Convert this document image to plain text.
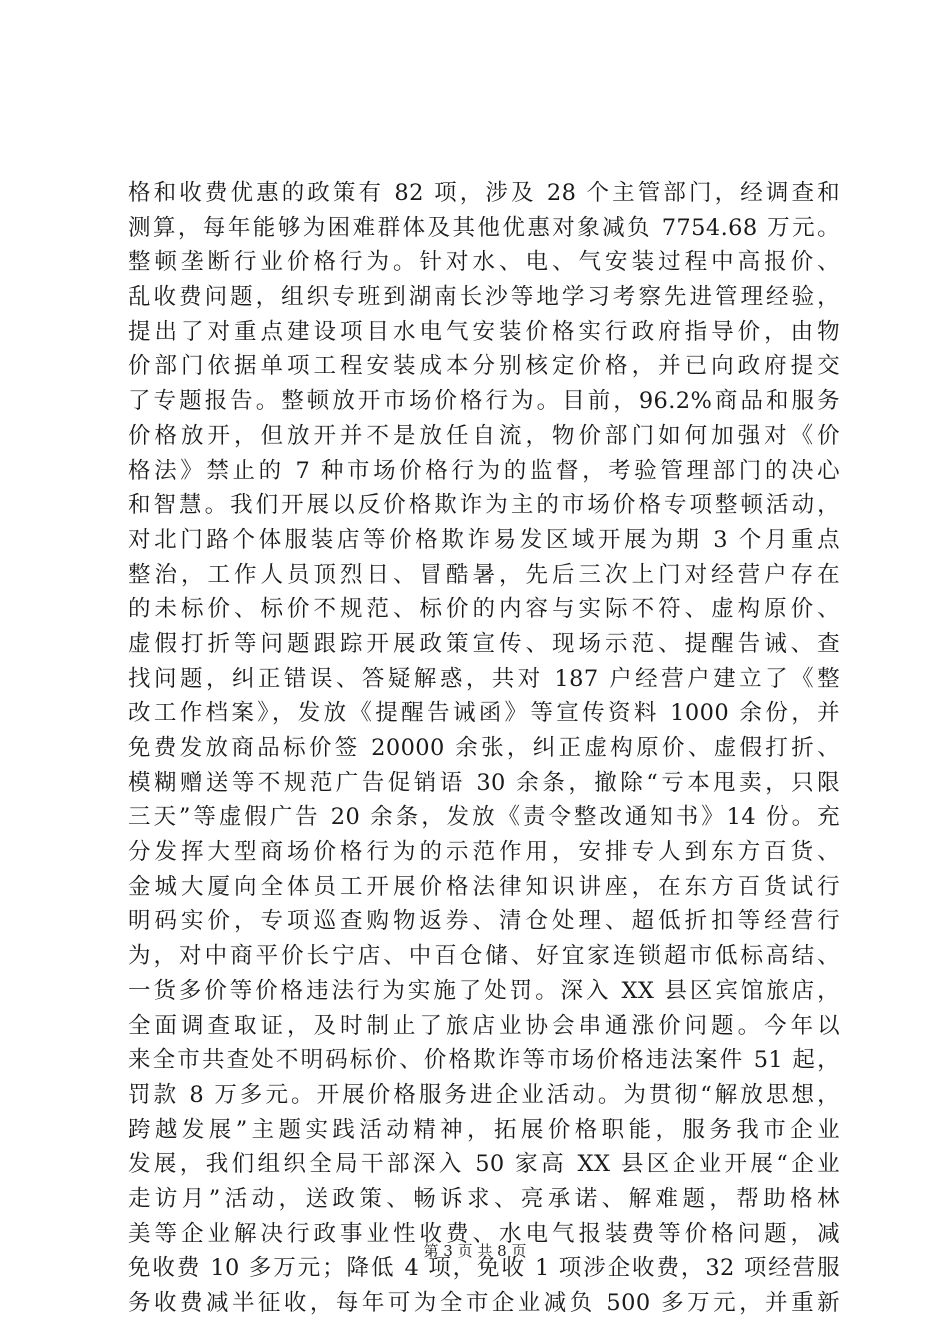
格和收费优惠的政策有 82 项，涉及 28 个主管部门，经调查和
测算，每年能够为困难群体及其他优惠对象减负 7754.68 万元。
整顿垄断行业价格行为。针对水、电、气安装过程中高报价、
乱收费问题，组织专班到湖南长沙等地学习考察先进管理经验，
提出了对重点建设项目水电气安装价格实行政府指导价，由物
价部门依据单项工程安装成本分别核定价格，并已向政府提交
了专题报告。整顿放开市场价格行为。目前，96.2%商品和服务
价格放开，但放开并不是放任自流，物价部门如何加强对《价
格法》禁止的 7 种市场价格行为的监督，考验管理部门的决心
和智慧。我们开展以反价格欺诈为主的市场价格专项整顿活动，
对北门路个体服装店等价格欺诈易发区域开展为期 3 个月重点
整治，工作人员顶烈日、冒酷暑，先后三次上门对经营户存在
的未标价、标价不规范、标价的内容与实际不符、虚构原价、
虚假打折等问题跟踪开展政策宣传、现场示范、提醒告诫、查
找问题，纠正错误、答疑解惑，共对 187 户经营户建立了《整
改工作档案》，发放《提醒告诫函》等宣传资料 1000 余份，并
免费发放商品标价签 20000 余张，纠正虚构原价、虚假打折、
模糊赠送等不规范广告促销语 30 余条，撤除“亏本甩卖，只限
三天”等虚假广告 20 余条，发放《责令整改通知书》14 份。充
分发挥大型商场价格行为的示范作用，安排专人到东方百货、
金城大厦向全体员工开展价格法律知识讲座，在东方百货试行
明码实价，专项巡查购物返券、清仓处理、超低折扣等经营行
为，对中商平价长宁店、中百仓储、好宜家连锁超市低标高结、
一货多价等价格违法行为实施了处罚。深入 XX 县区宾馆旅店，
全面调查取证，及时制止了旅店业协会串通涨价问题。今年以
来全市共查处不明码标价、价格欺诈等市场价格违法案件 51 起，
罚款 8 万多元。开展价格服务进企业活动。为贯彻“解放思想，
跨越发展”主题实践活动精神，拓展价格职能，服务我市企业
发展，我们组织全局干部深入 50 家高 XX 县区企业开展“企业
走访月”活动，送政策、畅诉求、亮承诺、解难题，帮助格林
美等企业解决行政事业性收费、水电气报装费等价格问题，减
免收费 10 多万元；降低 4 项，免收 1 项涉企收费，32 项经营服
务收费减半征收，每年可为全市企业减负 500 多万元，并重新
第 3 页 共 8 页
